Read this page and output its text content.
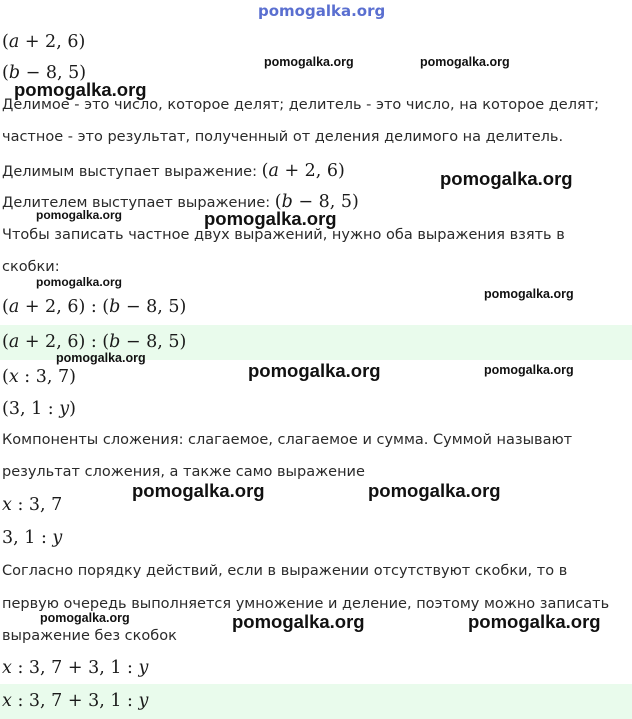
(a + 2, 6)
(b − 8, 5)
Делимое - это число, которое делят; делитель - это число, на которое делят;
частное - это результат, полученный от деления делимого на делитель.
Делимым выступает выражение: (a + 2, 6)
Делителем выступает выражение: (b − 8, 5)
Чтобы записать частное двух выражений, нужно оба выражения взять в
скобки:
(a + 2, 6) : (b − 8, 5)
(a + 2, 6) : (b − 8, 5)
(x : 3, 7)
(3, 1 : y)
Компоненты сложения: слагаемое, слагаемое и сумма. Суммой называют
результат сложения, а также само выражение
x : 3, 7
3, 1 : y
Согласно порядку действий, если в выражении отсутствуют скобки, то в
первую очередь выполняется умножение и деление, поэтому можно записать
выражение без скобок
x : 3, 7 + 3, 1 : y
x : 3, 7 + 3, 1 : y
pomogalka.org
pomogalka.org	pomogalka.org
pomogalka.org
pomogalka.org
pomogalka.org	pomogalka.org
pomogalka.org
pomogalka.org
pomogalka.org
pomogalka.org	pomogalka.org
pomogalka.org	pomogalka.org
pomogalka.org	pomogalka.org	pomogalka.org
